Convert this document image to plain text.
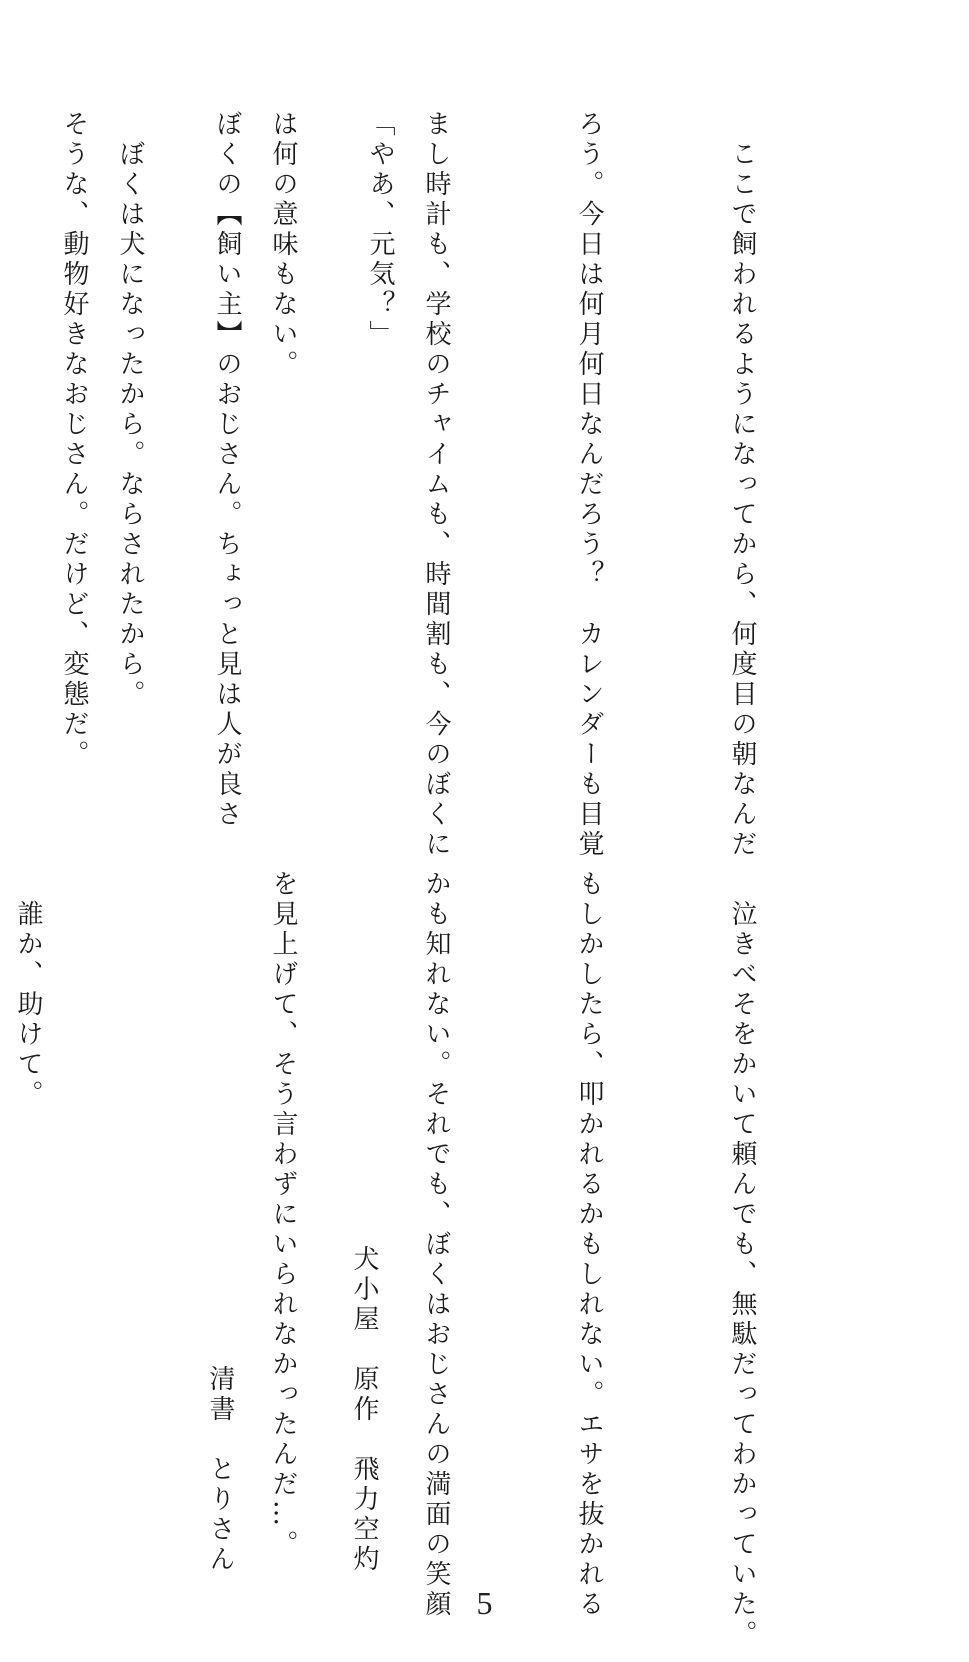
　ここで飼われるようになってから、何度目の朝なんだ

ろう。今日は何月何日なんだろう？　カレンダーも目覚

まし時計も、学校のチャイムも、時間割も、今のぼくに

は何の意味もない。

　ぼくは犬になったから。ならされたから。

	「やあ、元気？」

ぼくの【飼い主】のおじさん。ちょっと見は人が良さ

そうな、動物好きなおじさん。だけど、変態だ。

　泣きべそをかいて頼んでも、無駄だってわかっていた。

もしかしたら、叩かれるかもしれない。エサを抜かれる

かも知れない。それでも、ぼくはおじさんの満面の笑顔

を見上げて、そう言わずにいられなかったんだ…。

　誰か、助けて。

犬小屋　原作　飛力空灼

　　　　清書　とりさん

5
